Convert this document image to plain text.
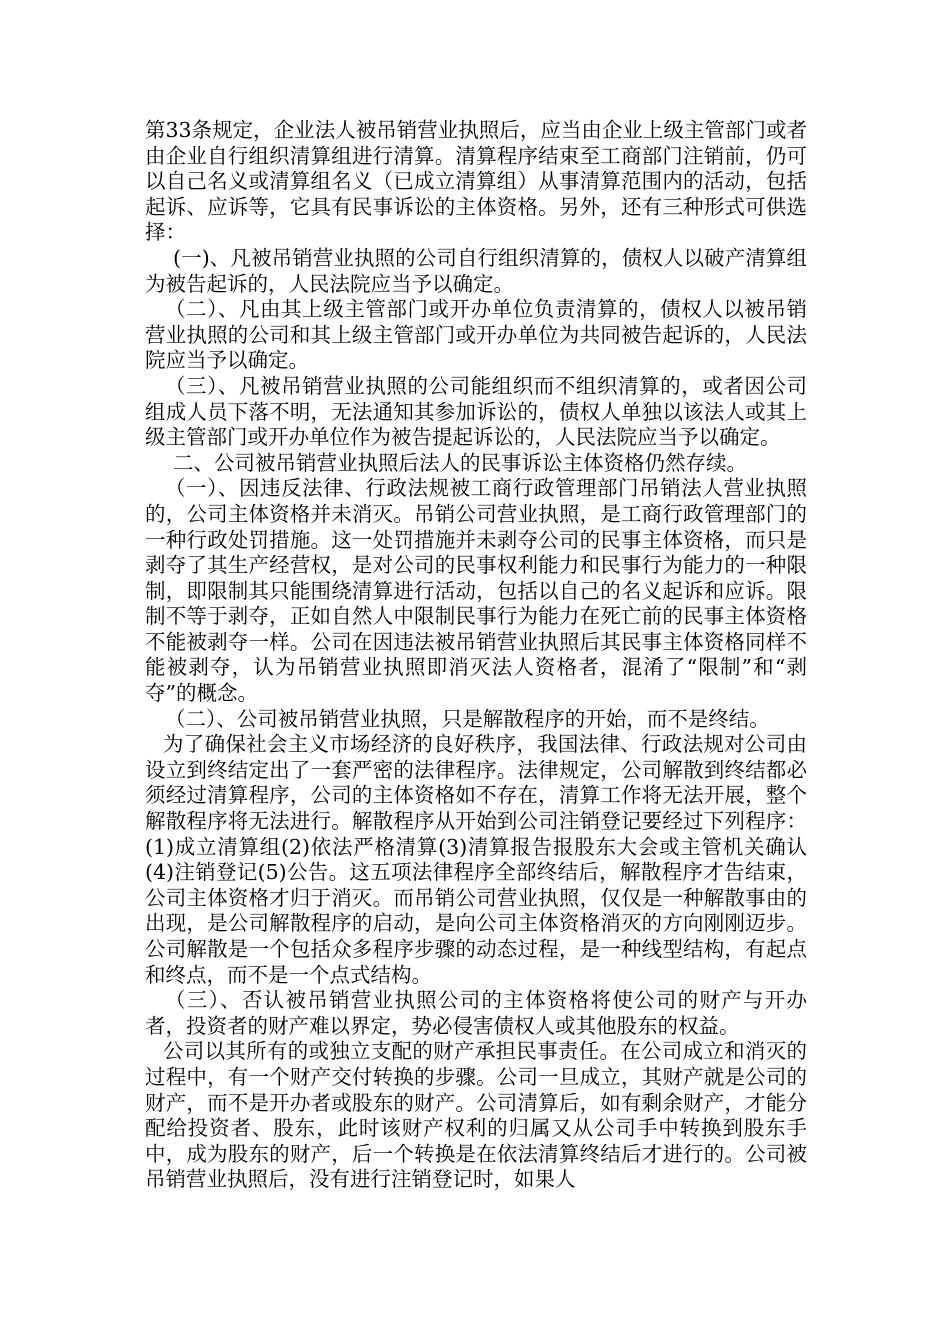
第33条规定，企业法人被吊销营业执照后，应当由企业上级主管部门或者由企业自行组织清算组进行清算。清算程序结束至工商部门注销前，仍可以自己名义或清算组名义（已成立清算组）从事清算范围内的活动，包括起诉、应诉等，它具有民事诉讼的主体资格。另外，还有三种形式可供选择：

(一)、凡被吊销营业执照的公司自行组织清算的，债权人以破产清算组为被告起诉的，人民法院应当予以确定。

（二）、凡由其上级主管部门或开办单位负责清算的，债权人以被吊销营业执照的公司和其上级主管部门或开办单位为共同被告起诉的，人民法院应当予以确定。

（三）、凡被吊销营业执照的公司能组织而不组织清算的，或者因公司组成人员下落不明，无法通知其参加诉讼的，债权人单独以该法人或其上级主管部门或开办单位作为被告提起诉讼的，人民法院应当予以确定。

二、公司被吊销营业执照后法人的民事诉讼主体资格仍然存续。

（一）、因违反法律、行政法规被工商行政管理部门吊销法人营业执照的，公司主体资格并未消灭。吊销公司营业执照，是工商行政管理部门的一种行政处罚措施。这一处罚措施并未剥夺公司的民事主体资格，而只是剥夺了其生产经营权，是对公司的民事权利能力和民事行为能力的一种限制，即限制其只能围绕清算进行活动，包括以自己的名义起诉和应诉。限制不等于剥夺，正如自然人中限制民事行为能力在死亡前的民事主体资格不能被剥夺一样。公司在因违法被吊销营业执照后其民事主体资格同样不能被剥夺，认为吊销营业执照即消灭法人资格者，混淆了“限制”和“剥夺”的概念。

（二）、公司被吊销营业执照，只是解散程序的开始，而不是终结。

为了确保社会主义市场经济的良好秩序，我国法律、行政法规对公司由设立到终结定出了一套严密的法律程序。法律规定，公司解散到终结都必须经过清算程序，公司的主体资格如不存在，清算工作将无法开展，整个解散程序将无法进行。解散程序从开始到公司注销登记要经过下列程序：(1)成立清算组(2)依法严格清算(3)清算报告报股东大会或主管机关确认(4)注销登记(5)公告。这五项法律程序全部终结后，解散程序才告结束，公司主体资格才归于消灭。而吊销公司营业执照，仅仅是一种解散事由的出现，是公司解散程序的启动，是向公司主体资格消灭的方向刚刚迈步。公司解散是一个包括众多程序步骤的动态过程，是一种线型结构，有起点和终点，而不是一个点式结构。

（三）、否认被吊销营业执照公司的主体资格将使公司的财产与开办者，投资者的财产难以界定，势必侵害债权人或其他股东的权益。

公司以其所有的或独立支配的财产承担民事责任。在公司成立和消灭的过程中，有一个财产交付转换的步骤。公司一旦成立，其财产就是公司的财产，而不是开办者或股东的财产。公司清算后，如有剩余财产，才能分配给投资者、股东，此时该财产权利的归属又从公司手中转换到股东手中，成为股东的财产，后一个转换是在依法清算终结后才进行的。公司被吊销营业执照后，没有进行注销登记时，如果人
